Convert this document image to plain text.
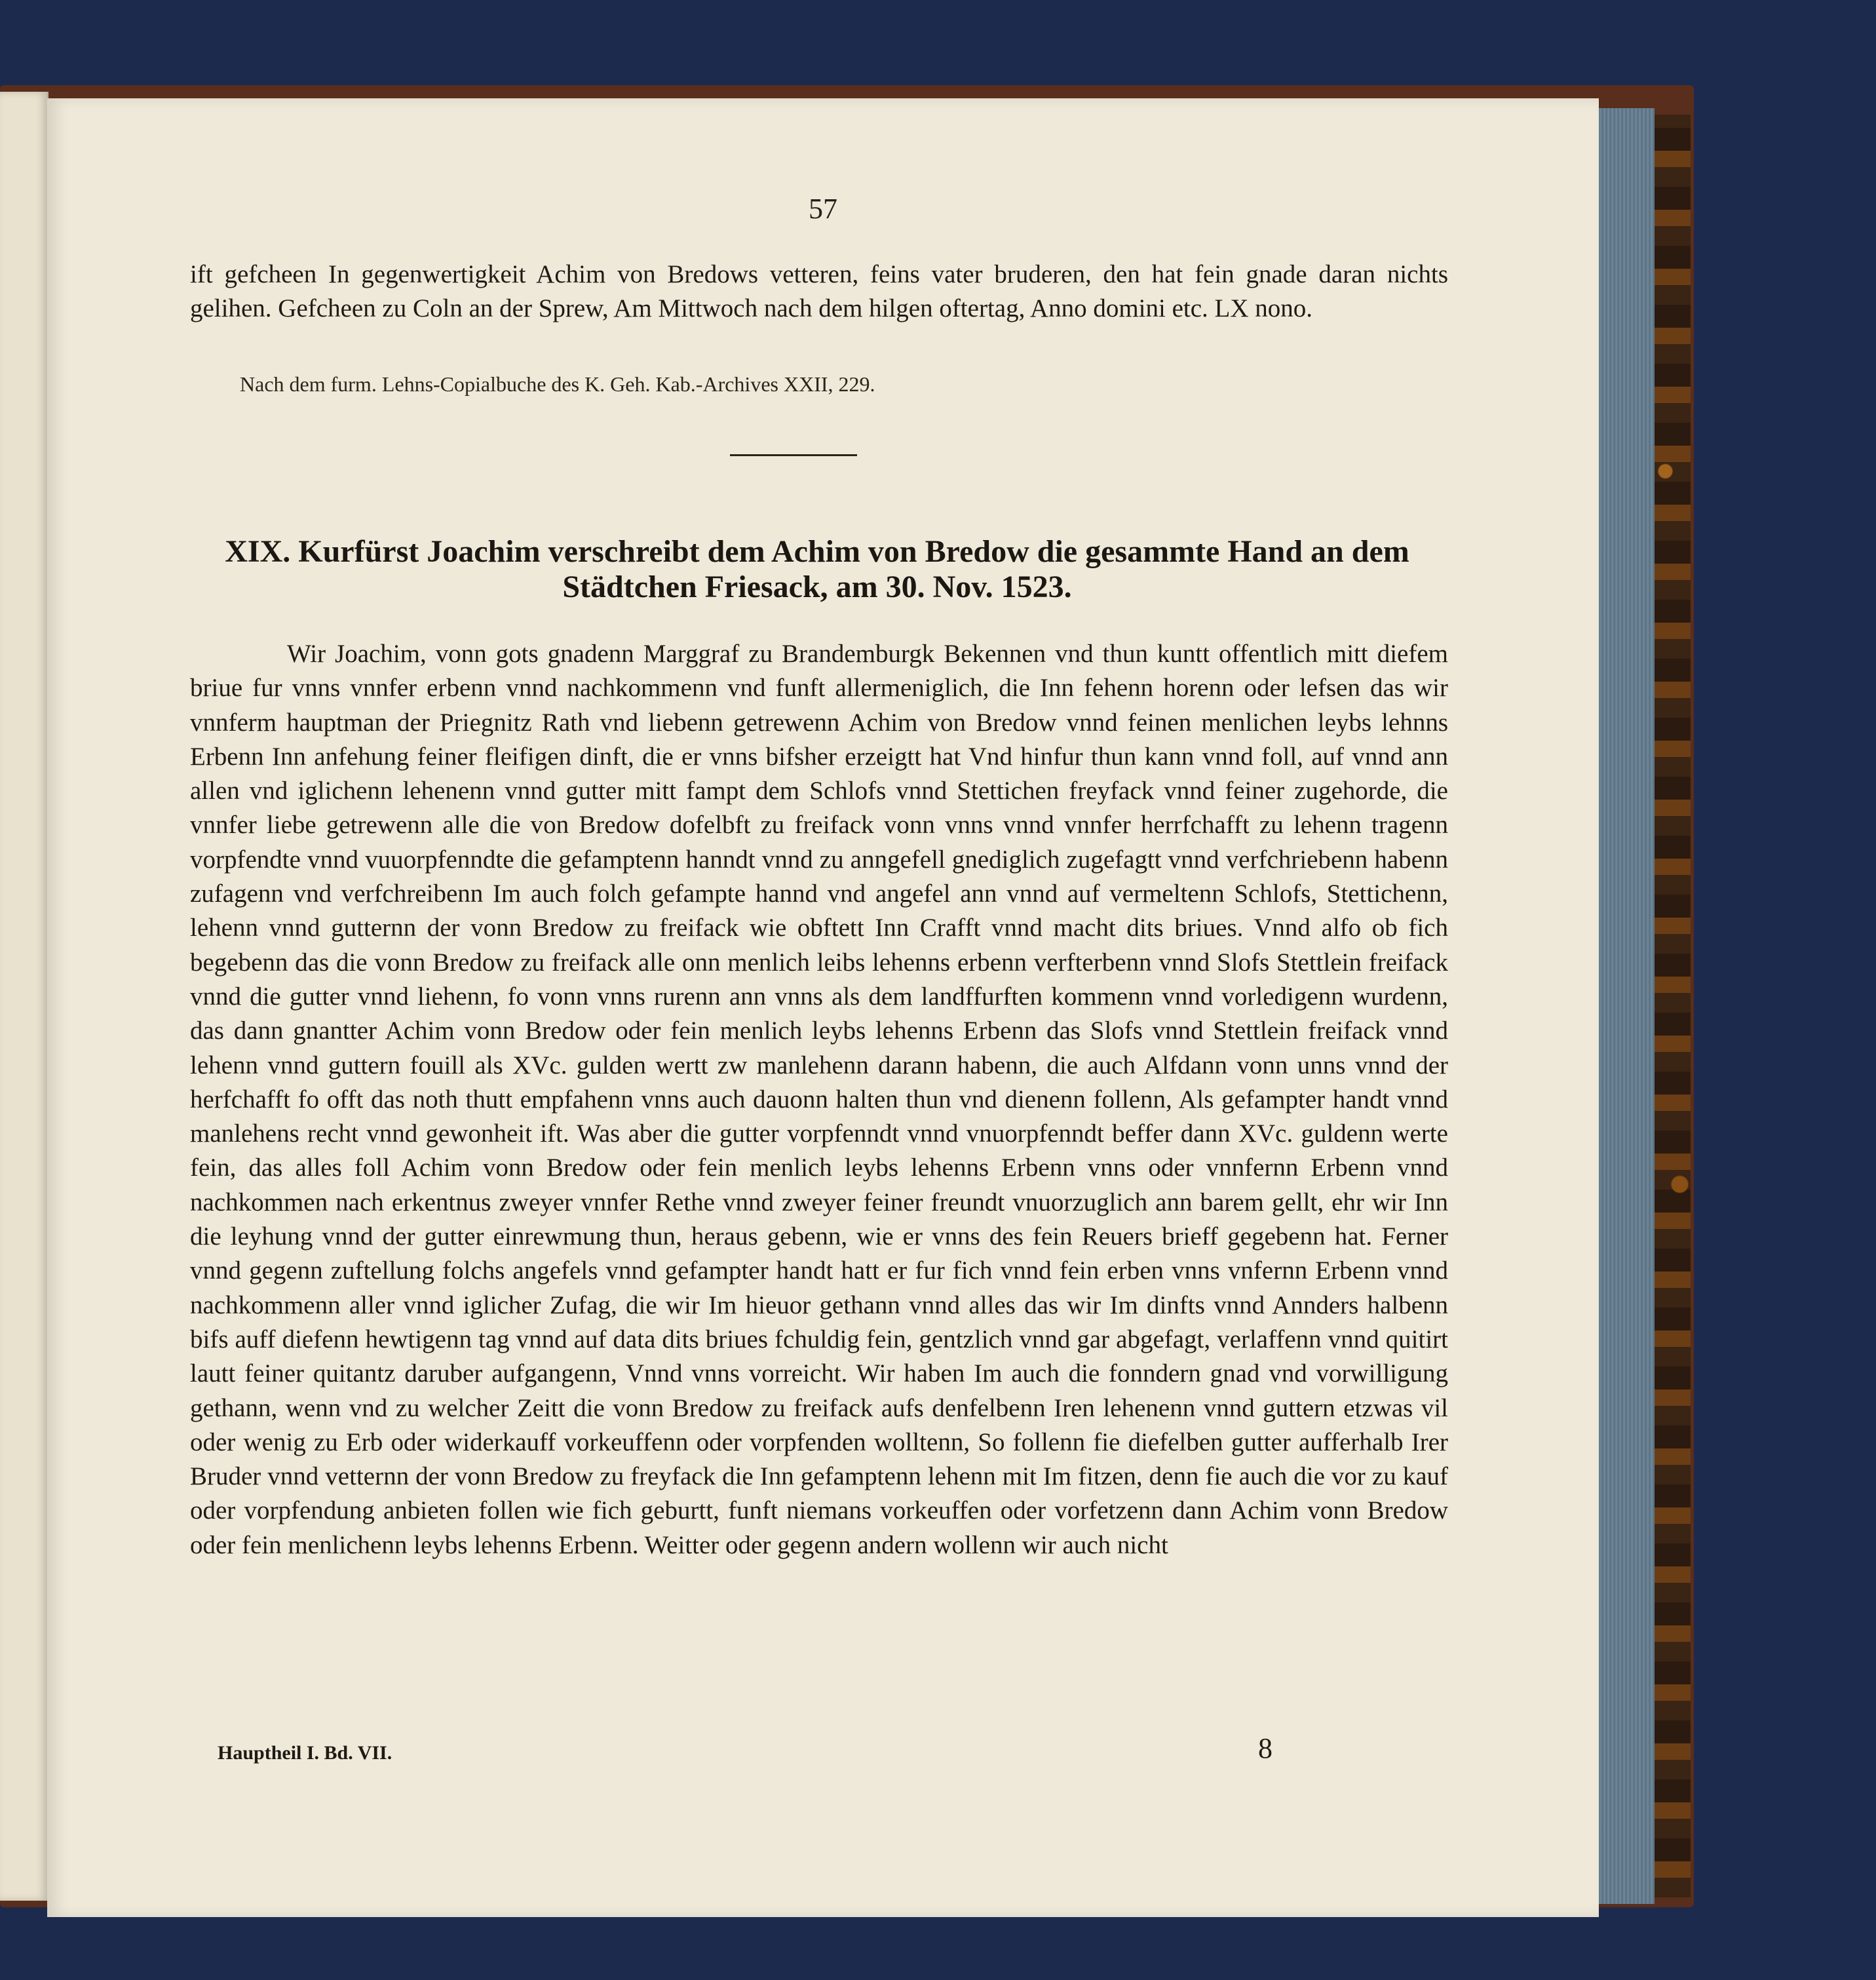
57

ift gefcheen In gegenwertigkeit Achim von Bredows vetteren, feins vater bruderen, den hat fein gnade daran nichts gelihen. Gefcheen zu Coln an der Sprew, Am Mittwoch nach dem hilgen oftertag, Anno domini etc. LX nono.

Nach dem furm. Lehns-Copialbuche des K. Geh. Kab.-Archives XXII, 229.

XIX. Kurfürst Joachim verschreibt dem Achim von Bredow die gesammte Hand an dem Städtchen Friesack, am 30. Nov. 1523.

Wir Joachim, vonn gots gnadenn Marggraf zu Brandemburgk Bekennen vnd thun kuntt offentlich mitt diefem briue fur vnns vnnfer erbenn vnnd nachkommenn vnd funft allermeniglich, die Inn fehenn horenn oder lefsen das wir vnnferm hauptman der Priegnitz Rath vnd liebenn getrewenn Achim von Bredow vnnd feinen menlichen leybs lehnns Erbenn Inn anfehung feiner fleifigen dinft, die er vnns bifsher erzeigtt hat Vnd hinfur thun kann vnnd foll, auf vnnd ann allen vnd iglichenn lehenenn vnnd gutter mitt fampt dem Schlofs vnnd Stettichen freyfack vnnd feiner zugehorde, die vnnfer liebe getrewenn alle die von Bredow dofelbft zu freifack vonn vnns vnnd vnnfer herrfchafft zu lehenn tragenn vorpfendte vnnd vuuorpfenndte die gefamptenn hanndt vnnd zu anngefell gnediglich zugefagtt vnnd verfchriebenn habenn zufagenn vnd verfchreibenn Im auch folch gefampte hannd vnd angefel ann vnnd auf vermeltenn Schlofs, Stettichenn, lehenn vnnd gutternn der vonn Bredow zu freifack wie obftett Inn Crafft vnnd macht dits briues. Vnnd alfo ob fich begebenn das die vonn Bredow zu freifack alle onn menlich leibs lehenns erbenn verfterbenn vnnd Slofs Stettlein freifack vnnd die gutter vnnd liehenn, fo vonn vnns rurenn ann vnns als dem landffurften kommenn vnnd vorledigenn wurdenn, das dann gnantter Achim vonn Bredow oder fein menlich leybs lehenns Erbenn das Slofs vnnd Stettlein freifack vnnd lehenn vnnd guttern fouill als XVc. gulden wertt zw manlehenn darann habenn, die auch Alfdann vonn unns vnnd der herfchafft fo offt das noth thutt empfahenn vnns auch dauonn halten thun vnd dienenn follenn, Als gefampter handt vnnd manlehens recht vnnd gewonheit ift. Was aber die gutter vorpfenndt vnnd vnuorpfenndt beffer dann XVc. guldenn werte fein, das alles foll Achim vonn Bredow oder fein menlich leybs lehenns Erbenn vnns oder vnnfernn Erbenn vnnd nachkommen nach erkentnus zweyer vnnfer Rethe vnnd zweyer feiner freundt vnuorzuglich ann barem gellt, ehr wir Inn die leyhung vnnd der gutter einrewmung thun, heraus gebenn, wie er vnns des fein Reuers brieff gegebenn hat. Ferner vnnd gegenn zuftellung folchs angefels vnnd gefampter handt hatt er fur fich vnnd fein erben vnns vnfernn Erbenn vnnd nachkommenn aller vnnd iglicher Zufag, die wir Im hieuor gethann vnnd alles das wir Im dinfts vnnd Annders halbenn bifs auff diefenn hewtigenn tag vnnd auf data dits briues fchuldig fein, gentzlich vnnd gar abgefagt, verlaffenn vnnd quitirt lautt feiner quitantz daruber aufgangenn, Vnnd vnns vorreicht. Wir haben Im auch die fonndern gnad vnd vorwilligung gethann, wenn vnd zu welcher Zeitt die vonn Bredow zu freifack aufs denfelbenn Iren lehenenn vnnd guttern etzwas vil oder wenig zu Erb oder widerkauff vorkeuffenn oder vorpfenden wolltenn, So follenn fie diefelben gutter aufferhalb Irer Bruder vnnd vetternn der vonn Bredow zu freyfack die Inn gefamptenn lehenn mit Im fitzen, denn fie auch die vor zu kauf oder vorpfendung anbieten follen wie fich geburtt, funft niemans vorkeuffen oder vorfetzenn dann Achim vonn Bredow oder fein menlichenn leybs lehenns Erbenn. Weitter oder gegenn andern wollenn wir auch nicht

Hauptheil I. Bd. VII.	8
